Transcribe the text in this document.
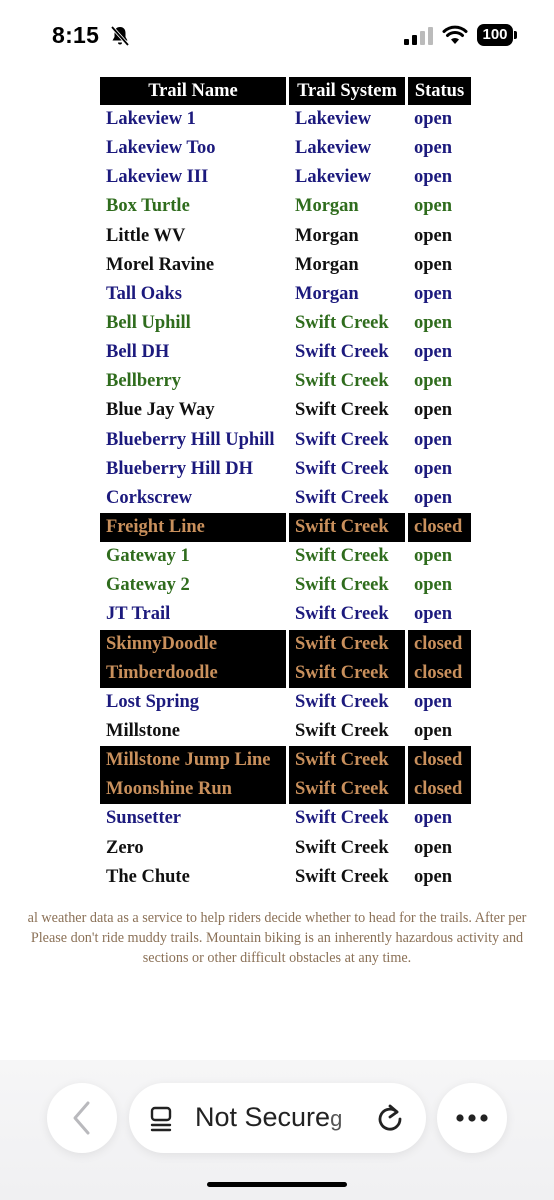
8:15	100
Trail Name	Trail System	Status
Lakeview 1	Lakeview	open
Lakeview Too	Lakeview	open
Lakeview III	Lakeview	open
Box Turtle	Morgan	open
Little WV	Morgan	open
Morel Ravine	Morgan	open
Tall Oaks	Morgan	open
Bell Uphill	Swift Creek	open
Bell DH	Swift Creek	open
Bellberry	Swift Creek	open
Blue Jay Way	Swift Creek	open
Blueberry Hill Uphill	Swift Creek	open
Blueberry Hill DH	Swift Creek	open
Corkscrew	Swift Creek	open
Freight Line	Swift Creek	closed
Gateway 1	Swift Creek	open
Gateway 2	Swift Creek	open
JT Trail	Swift Creek	open
SkinnyDoodle	Swift Creek	closed
Timberdoodle	Swift Creek	closed
Lost Spring	Swift Creek	open
Millstone	Swift Creek	open
Millstone Jump Line	Swift Creek	closed
Moonshine Run	Swift Creek	closed
Sunsetter	Swift Creek	open
Zero	Swift Creek	open
The Chute	Swift Creek	open
al weather data as a service to help riders decide whether to head for the trails. After per
Please don't ride muddy trails. Mountain biking is an inherently hazardous activity and
sections or other difficult obstacles at any time.
Not Secureg
